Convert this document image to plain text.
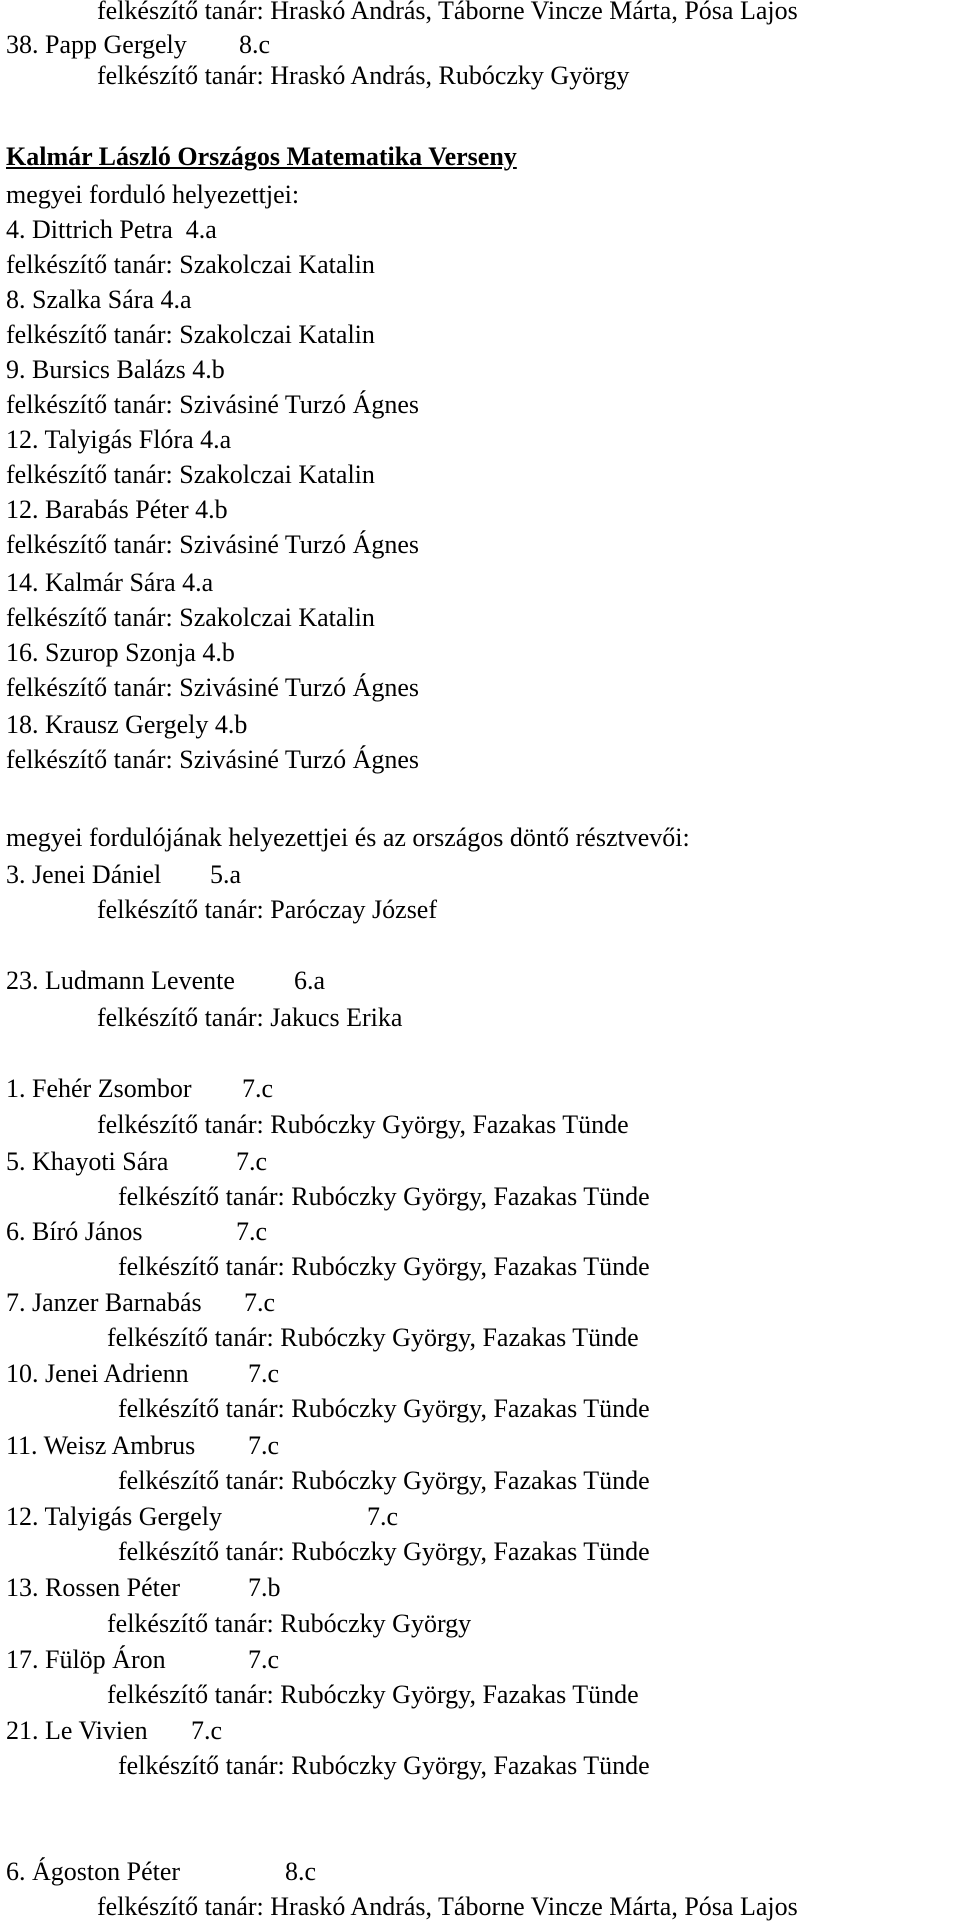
felkészítő tanár: Hraskó András, Táborne Vincze Márta, Pósa Lajos
38. Papp Gergely 8.c
felkészítő tanár: Hraskó András, Rubóczky György
Kalmár László Országos Matematika Verseny
megyei forduló helyezettjei:
4. Dittrich Petra  4.a
felkészítő tanár: Szakolczai Katalin
8. Szalka Sára 4.a
felkészítő tanár: Szakolczai Katalin
9. Bursics Balázs 4.b
felkészítő tanár: Szivásiné Turzó Ágnes
12. Talyigás Flóra 4.a
felkészítő tanár: Szakolczai Katalin
12. Barabás Péter 4.b
felkészítő tanár: Szivásiné Turzó Ágnes
14. Kalmár Sára 4.a
felkészítő tanár: Szakolczai Katalin
16. Szurop Szonja 4.b
felkészítő tanár: Szivásiné Turzó Ágnes
18. Krausz Gergely 4.b
felkészítő tanár: Szivásiné Turzó Ágnes
megyei fordulójának helyezettjei és az országos döntő résztvevői:
3. Jenei Dániel 5.a
felkészítő tanár: Paróczay József
23. Ludmann Levente 6.a
felkészítő tanár: Jakucs Erika
1. Fehér Zsombor 7.c
felkészítő tanár: Rubóczky György, Fazakas Tünde
5. Khayoti Sára	7.c
felkészítő tanár: Rubóczky György, Fazakas Tünde
6. Bíró János	7.c
felkészítő tanár: Rubóczky György, Fazakas Tünde
7. Janzer Barnabás 7.c
felkészítő tanár: Rubóczky György, Fazakas Tünde
10. Jenei Adrienn 7.c
felkészítő tanár: Rubóczky György, Fazakas Tünde
11. Weisz Ambrus 7.c
felkészítő tanár: Rubóczky György, Fazakas Tünde
12. Talyigás Gergely	7.c
felkészítő tanár: Rubóczky György, Fazakas Tünde
13. Rossen Péter	7.b
felkészítő tanár: Rubóczky György
17. Fülöp Áron	7.c
felkészítő tanár: Rubóczky György, Fazakas Tünde
21. Le Vivien 7.c
felkészítő tanár: Rubóczky György, Fazakas Tünde
6. Ágoston Péter	8.c
felkészítő tanár: Hraskó András, Táborne Vincze Márta, Pósa Lajos
